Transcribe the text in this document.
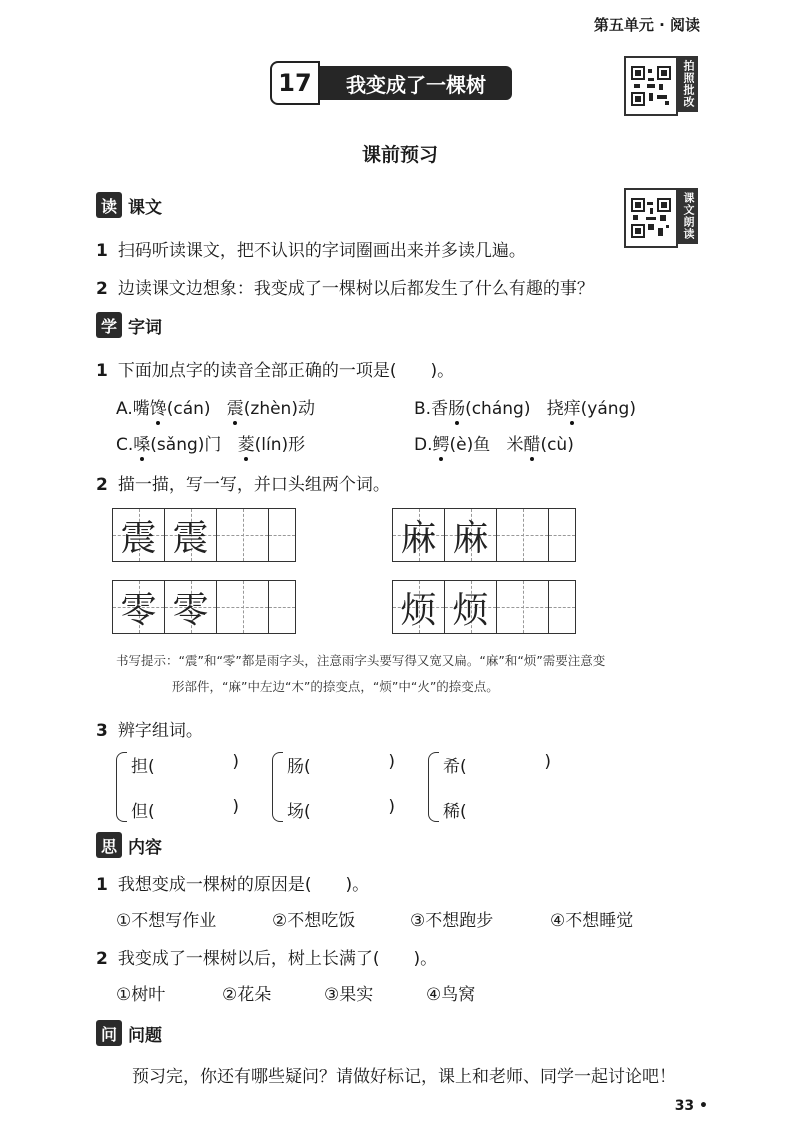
第五单元 · 阅读
17	我变成了一棵树	拍照批改
课前预习
读 课文	课文朗读
1 扫码听读课文，把不认识的字词圈画出来并多读几遍。
2 边读课文边想象：我变成了一棵树以后都发生了什么有趣的事？
学 字词
1 下面加点字的读音全部正确的一项是(　　)。
A.嘴馋(cán) 震(zhèn)动	B.香肠(cháng) 挠痒(yáng)
C.嗓(sǎng)门 菱(lín)形	D.鳄(è)鱼 米醋(cù)
2 描一描，写一写，并口头组两个词。
震 震	麻 麻
零 零	烦 烦
书写提示：“震”和“零”都是雨字头，注意雨字头要写得又宽又扁。“麻”和“烦”需要注意变
形部件，“麻”中左边“木”的捺变点，“烦”中“火”的捺变点。
3 辨字组词。
担(	)
但(	)
肠(	)
场(	)
希(	)
稀(
思 内容
1 我想变成一棵树的原因是(　　)。
①不想写作业	②不想吃饭	③不想跑步	④不想睡觉
2 我变成了一棵树以后，树上长满了(　　)。
①树叶	②花朵	③果实	④鸟窝
问 问题
预习完，你还有哪些疑问？请做好标记，课上和老师、同学一起讨论吧！
33 •
